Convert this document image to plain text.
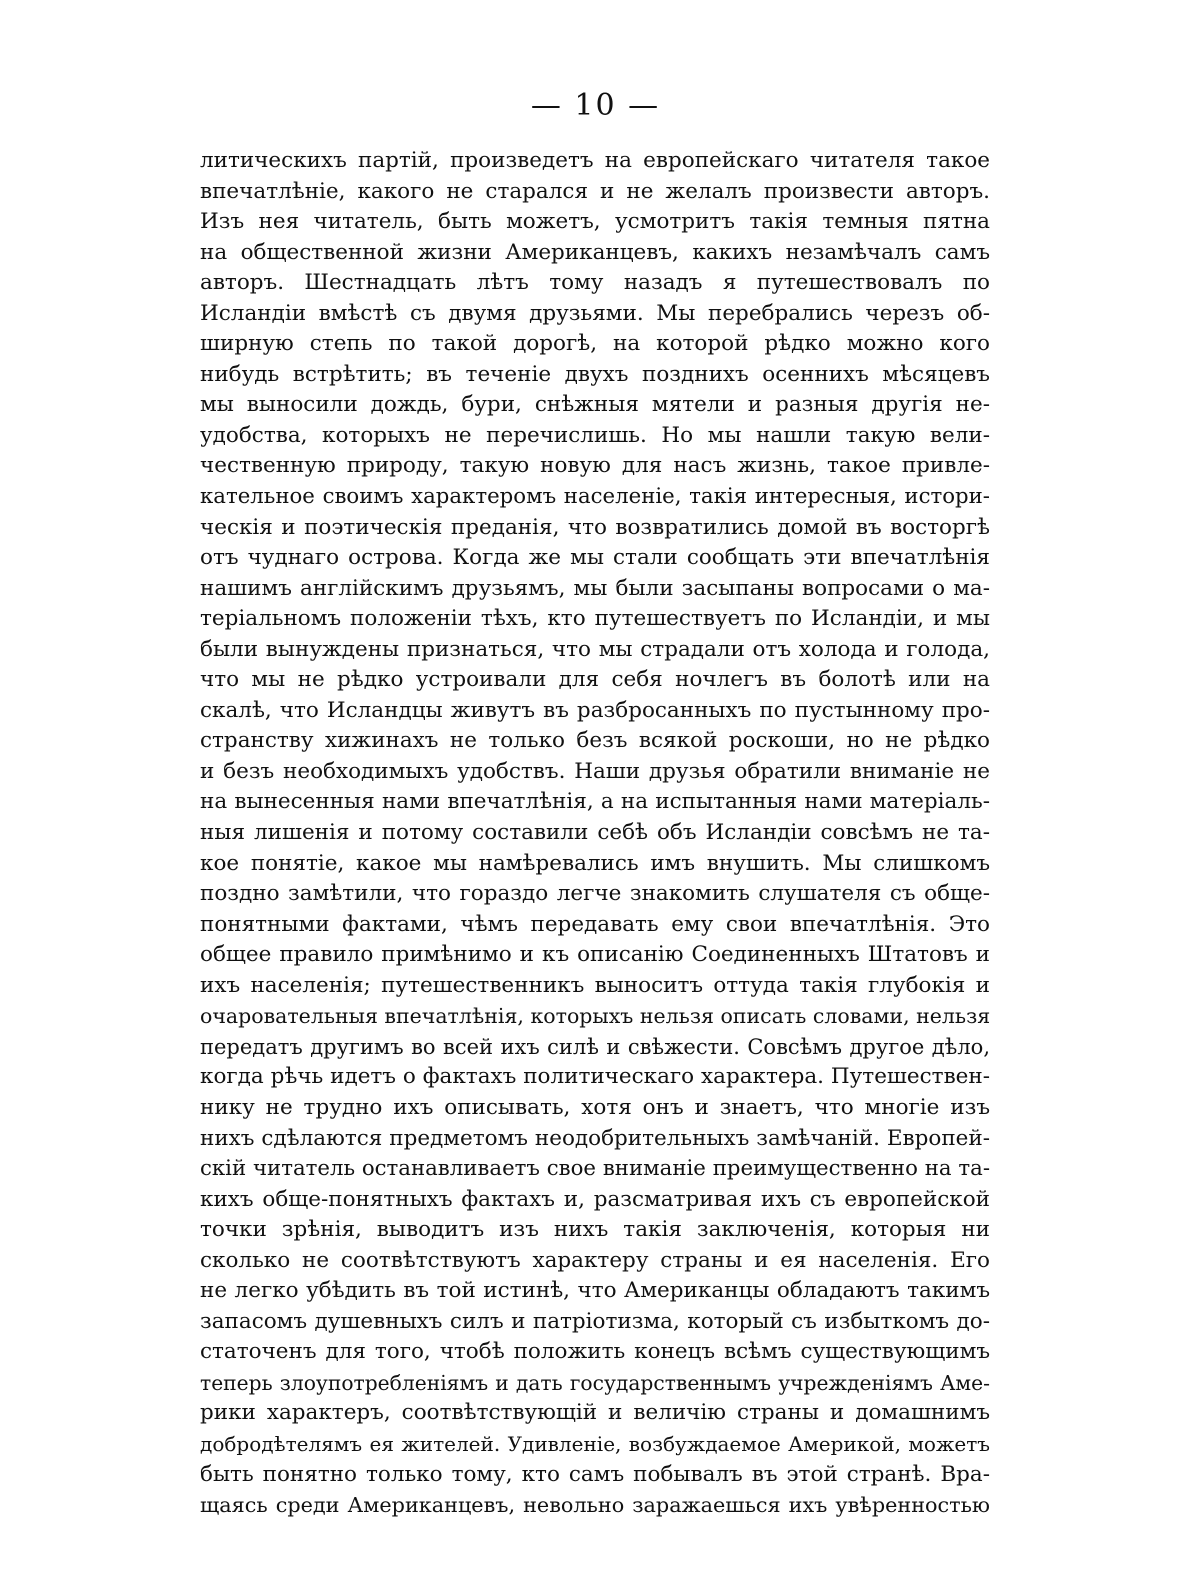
— 10 —
литическихъ партій, произведетъ на европейскаго читателя такое
впечатлѣніе, какого не старался и не желалъ произвести авторъ.
Изъ нея читатель, быть можетъ, усмотритъ такія темныя пятна
на общественной жизни Американцевъ, какихъ незамѣчалъ самъ
авторъ. Шестнадцать лѣтъ тому назадъ я путешествовалъ по
Исландіи вмѣстѣ съ двумя друзьями. Мы перебрались черезъ об-
ширную степь по такой дорогѣ, на которой рѣдко можно кого
нибудь встрѣтить; въ теченіе двухъ позднихъ осеннихъ мѣсяцевъ
мы выносили дождь, бури, снѣжныя мятели и разныя другія не-
удобства, которыхъ не перечислишь. Но мы нашли такую вели-
чественную природу, такую новую для насъ жизнь, такое привле-
кательное своимъ характеромъ населеніе, такія интересныя, истори-
ческія и поэтическія преданія, что возвратились домой въ восторгѣ
отъ чуднаго острова. Когда же мы стали сообщать эти впечатлѣнія
нашимъ англійскимъ друзьямъ, мы были засыпаны вопросами о ма-
теріальномъ положеніи тѣхъ, кто путешествуетъ по Исландіи, и мы
были вынуждены признаться, что мы страдали отъ холода и голода,
что мы не рѣдко устроивали для себя ночлегъ въ болотѣ или на
скалѣ, что Исландцы живутъ въ разбросанныхъ по пустынному про-
странству хижинахъ не только безъ всякой роскоши, но не рѣдко
и безъ необходимыхъ удобствъ. Наши друзья обратили вниманіе не
на вынесенныя нами впечатлѣнія, а на испытанныя нами матеріаль-
ныя лишенія и потому составили себѣ объ Исландіи совсѣмъ не та-
кое понятіе, какое мы намѣревались имъ внушить. Мы слишкомъ
поздно замѣтили, что гораздо легче знакомить слушателя съ обще-
понятными фактами, чѣмъ передавать ему свои впечатлѣнія. Это
общее правило примѣнимо и къ описанію Соединенныхъ Штатовъ и
ихъ населенія; путешественникъ выноситъ оттуда такія глубокія и
очаровательныя впечатлѣнія, которыхъ нельзя описать словами, нельзя
передатъ другимъ во всей ихъ силѣ и свѣжести. Совсѣмъ другое дѣло,
когда рѣчь идетъ о фактахъ политическаго характера. Путешествен-
нику не трудно ихъ описывать, хотя онъ и знаетъ, что многіе изъ
нихъ сдѣлаются предметомъ неодобрительныхъ замѣчаній. Европей-
скій читатель останавливаетъ свое вниманіе преимущественно на та-
кихъ обще-понятныхъ фактахъ и, разсматривая ихъ съ европейской
точки зрѣнія, выводитъ изъ нихъ такія заключенія, которыя ни
сколько не соотвѣтствуютъ характеру страны и ея населенія. Его
не легко убѣдить въ той истинѣ, что Американцы обладаютъ такимъ
запасомъ душевныхъ силъ и патріотизма, который съ избыткомъ до-
статоченъ для того, чтобѣ положить конецъ всѣмъ существующимъ
теперь злоупотребленіямъ и дать государственнымъ учрежденіямъ Аме-
рики характеръ, соотвѣтствующій и величію страны и домашнимъ
добродѣтелямъ ея жителей. Удивленіе, возбуждаемое Америкой, можетъ
быть понятно только тому, кто самъ побывалъ въ этой странѣ. Вра-
щаясь среди Американцевъ, невольно заражаешься ихъ увѣренностью
